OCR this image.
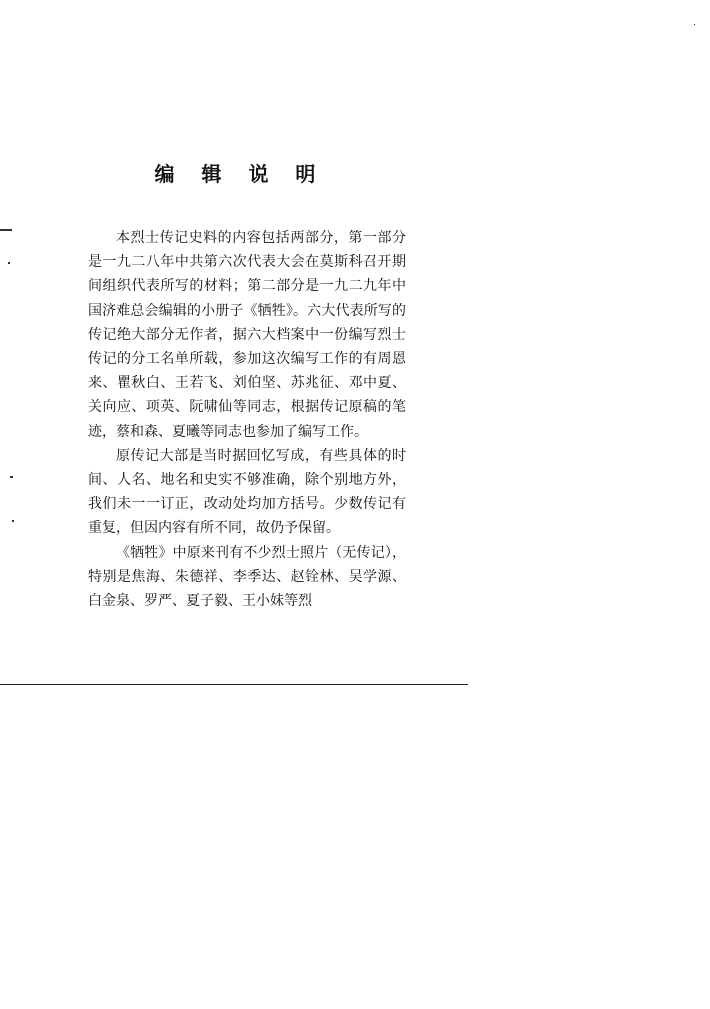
编 辑 说 明

本烈士传记史料的内容包括两部分，第一部分是一九二八年中共第六次代表大会在莫斯科召开期间组织代表所写的材料；第二部分是一九二九年中国济难总会编辑的小册子《牺牲》。六大代表所写的传记绝大部分无作者，据六大档案中一份编写烈士传记的分工名单所载，参加这次编写工作的有周恩来、瞿秋白、王若飞、刘伯坚、苏兆征、邓中夏、关向应、项英、阮啸仙等同志，根据传记原稿的笔迹，蔡和森、夏曦等同志也参加了编写工作。

原传记大部是当时据回忆写成，有些具体的时间、人名、地名和史实不够准确，除个别地方外，我们未一一订正，改动处均加方括号。少数传记有重复，但因内容有所不同，故仍予保留。

《牺牲》中原来刊有不少烈士照片（无传记），特别是焦海、朱德祥、李季达、赵铨林、吴学源、白金泉、罗严、夏子毅、王小妹等烈
